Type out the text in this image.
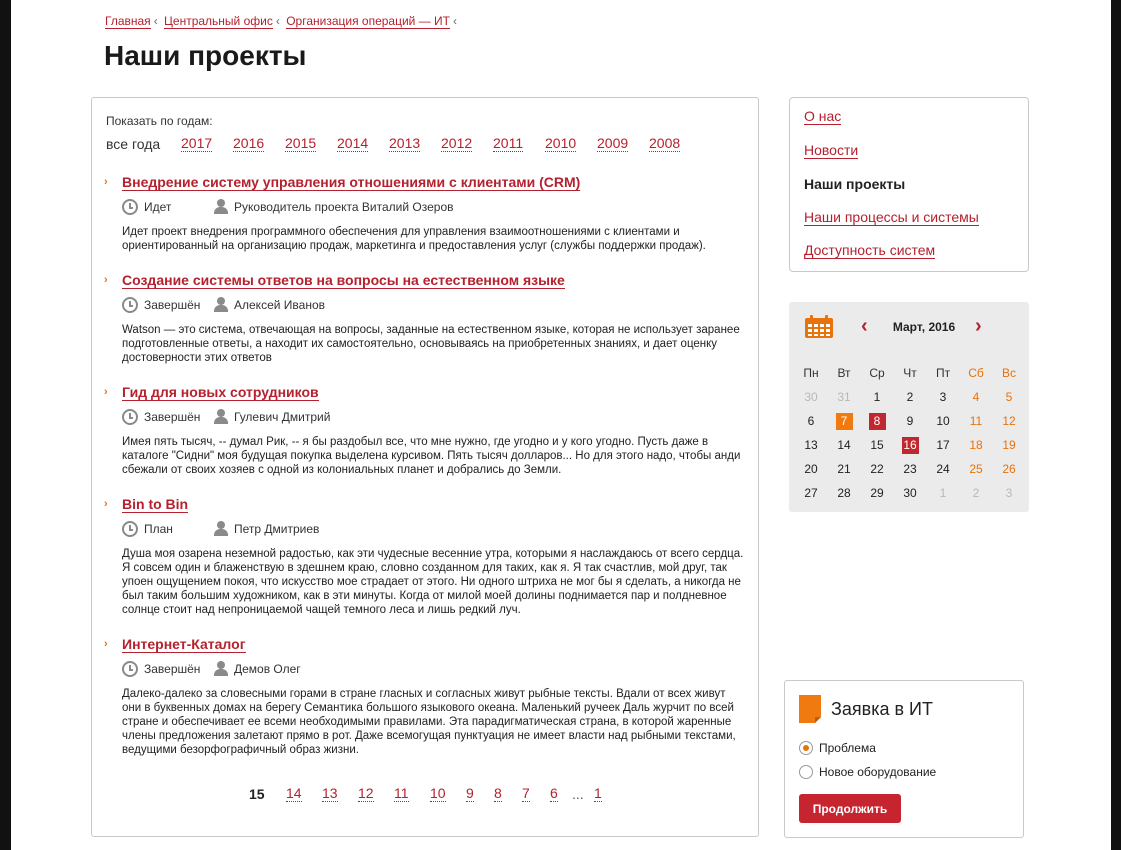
Главная ‹ Центральный офис ‹ Организация операций — ИТ ‹
Наши проекты
Показать по годам:
все года 2017 2016 2015 2014 2013 2012 2011 2010 2009 2008
› Внедрение систему управления отношениями с клиентами (CRM)
Идет	Руководитель проекта Виталий Озеров
Идет проект внедрения программного обеспечения для управления взаимоотношениями с клиентами и ориентированный на организацию продаж, маркетинга и предоставления услуг (службы поддержки продаж).
› Создание системы ответов на вопросы на естественном языке
Завершён	Алексей Иванов
Watson — это система, отвечающая на вопросы, заданные на естественном языке, которая не использует заранее подготовленные ответы, а находит их самостоятельно, основываясь на приобретенных знаниях, и дает оценку достоверности этих ответов
› Гид для новых сотрудников
Завершён	Гулевич Дмитрий
Имея пять тысяч, -- думал Рик, -- я бы раздобыл все, что мне нужно, где угодно и у кого угодно. Пусть даже в каталоге "Сидни" моя будущая покупка выделена курсивом. Пять тысяч долларов... Но для этого надо, чтобы анди сбежали от своих хозяев с одной из колониальных планет и добрались до Земли.
› Bin to Bin
План	Петр Дмитриев
Душа моя озарена неземной радостью, как эти чудесные весенние утра, которыми я наслаждаюсь от всего сердца. Я совсем один и блаженствую в здешнем краю, словно созданном для таких, как я. Я так счастлив, мой друг, так упоен ощущением покоя, что искусство мое страдает от этого. Ни одного штриха не мог бы я сделать, а никогда не был таким большим художником, как в эти минуты. Когда от милой моей долины поднимается пар и полдневное солнце стоит над непроницаемой чащей темного леса и лишь редкий луч.
› Интернет-Каталог
Завершён	Демов Олег
Далеко-далеко за словесными горами в стране гласных и согласных живут рыбные тексты. Вдали от всех живут они в буквенных домах на берегу Семантика большого языкового океана. Маленький ручеек Даль журчит по всей стране и обеспечивает ее всеми необходимыми правилами. Эта парадигматическая страна, в которой жаренные члены предложения залетают прямо в рот. Даже всемогущая пунктуация не имеет власти над рыбными текстами, ведущими безорфографичный образ жизни.
15 14 13 12 11 10 9 8 7 6 ... 1
О нас
Новости
Наши проекты
Наши процессы и системы
Доступность систем
‹	Март, 2016 ›
Пн	Вт	Ср	Чт	Пт	Сб	Вс
30	31	1	2	3	4	5
6	7	8	9	10	11	12
13	14	15	16	17	18	19
20	21	22	23	24	25	26
27	28	29	30	1	2	3
Заявка в ИТ
Проблема
Новое оборудование
Продолжить
